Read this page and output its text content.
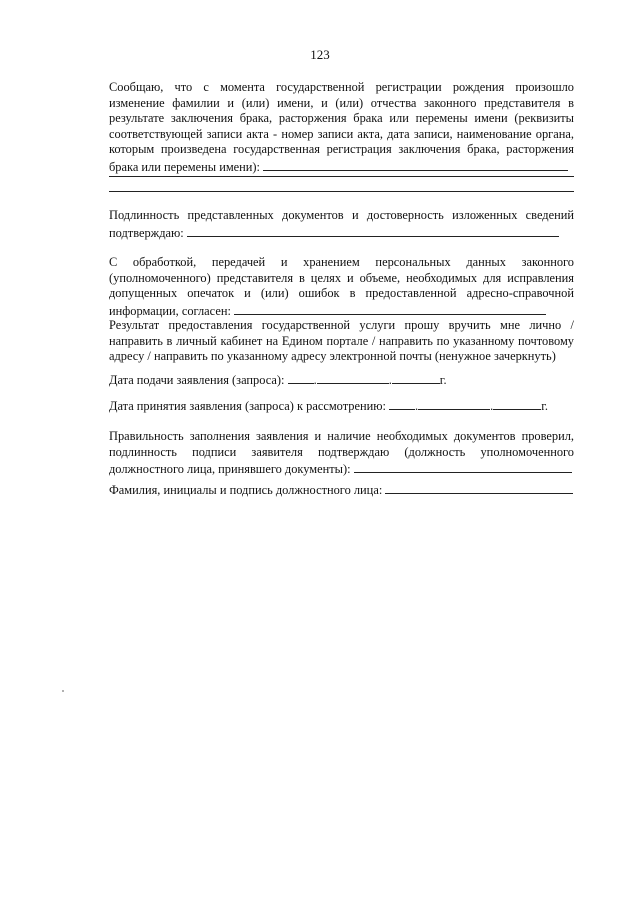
123
Сообщаю, что с момента государственной регистрации рождения произошло изменение фамилии и (или) имени, и (или) отчества законного представителя в результате заключения брака, расторжения брака или перемены имени (реквизиты соответствующей записи акта - номер записи акта, дата записи, наименование органа, которым произведена государственная регистрация заключения брака, расторжения брака или перемены имени):
Подлинность представленных документов и достоверность изложенных сведений подтверждаю:
С обработкой, передачей и хранением персональных данных законного (уполномоченного) представителя в целях и объеме, необходимых для исправления допущенных опечаток и (или) ошибок в предоставленной адресно-справочной информации, согласен:
Результат предоставления государственной услуги прошу вручить мне лично / направить в личный кабинет на Едином портале / направить по указанному почтовому адресу / направить по указанному адресу электронной почты (ненужное зачеркнуть)
Дата подачи заявления (запроса): .	.	г.
Дата принятия заявления (запроса) к рассмотрению: .	.	г.
Правильность заполнения заявления и наличие необходимых документов проверил, подлинность подписи заявителя подтверждаю (должность уполномоченного должностного лица, принявшего документы):
Фамилия, инициалы и подпись должностного лица:
